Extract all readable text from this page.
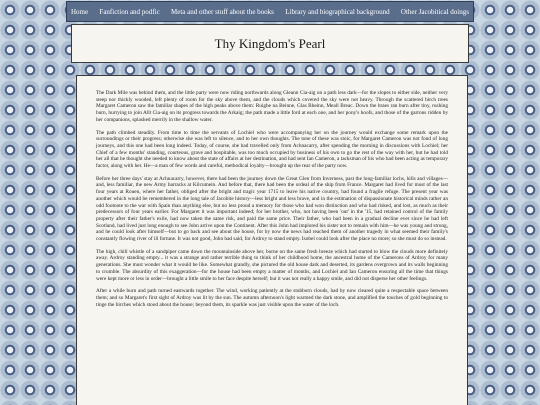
Home Fanfiction and podfic Meta and other stuff about the books Library and biographical background Other Jacobitical doings
Thy Kingdom's Pearl

The Dark Mile was behind them, and the little party were now riding northwards along Gleann Cia-aig on a path less dark—for the slopes to either side, neither very steep nor thickly wooded, left plenty of room for the sky above them, and the clouds which covered the sky were not heavy. Through the scattered birch trees Margaret Cameron saw the familiar shapes of the high peaks above them: Ruighe na Beinne, Glas Bheinn, Meall Breac. Down the braes ran burn after tiny, rushing burn, hurrying to join Allt Cia-aig on its progress towards the Arkaig; the path made a little ford at each one, and her pony's hoofs, and those of the garrons ridden by her companions, splashed merrily in the shallow water.

The path climbed steadily. From time to time the servants of Lochiel who were accompanying her on the journey would exchange some remark upon the surroundings or their progress; otherwise she was left to silence, and to her own thoughts. The tone of these was stoic, for Margaret Cameron was not fond of long journeys, and this one had been long indeed. Today, of course, she had travelled only from Achnacarry, after spending the morning in discussions with Lochiel; her Chief of a few months' standing, courteous, grave and hospitable, was too much occupied by business of his own to go the rest of the way with her, but he had told her all that he thought she needed to know about the state of affairs at her destination, and had sent Ian Cameron, a tacksman of his who had been acting as temporary factor, along with her. He—a man of few words and careful, methodical loyalty—brought up the rear of the party now.

Before her three days' stay at Achnacarry, however, there had been the journey down the Great Glen from Inverness, past the long-familiar lochs, hills and villages—and, less familiar, the new Army barracks at Kilcumein. And before that, there had been the ordeal of the ship from France. Margaret had lived for most of the last four years at Rouen, where her father, obliged after the bright and tragic year 1715 to leave his native country, had found a fragile refuge. The present year was another which would be remembered in the long tale of Jacobite history—less bright and less brave, and in the estimation of dispassionate historical minds rather an odd footnote to the war with Spain than anything else, but no less proud a memory for those who had won distinction and who had risked, and lost, as much as their predecessors of four years earlier. For Margaret it was important indeed; for her brother, who, not having been 'out' in the '15, had retained control of the family property after their father's exile, had now taken the same risk, and paid the same price. Their father, who had been in a gradual decline ever since he had left Scotland, had lived just long enough to see John arrive upon the Continent. After this John had implored his sister not to remain with him—he was young and strong, and he could look after himself—but to go back and see about the house, for by now the news had reached them of another tragedy in what seemed their family's constantly flowing river of ill fortune. It was not good, John had said, for Ardroy to stand empty. Isobel could look after the place no more; so she must do so instead.

The high, chill whistle of a sandpiper came down the mountainside above her, borne on the same fresh breeze which had started to blow the clouds more definitely away. Ardroy standing empty... it was a strange and rather terrible thing to think of her childhood home, the ancestral home of the Camerons of Ardroy for many generations. She must wonder what it would be like. Somewhat grandly, she pictured the old house dark and deserted, its gardens overgrown and its walls beginning to crumble. The absurdity of this exaggeration—for the house had been empty a matter of months, and Lochiel and Ian Cameron ensuring all the time that things were kept more or less in order—brought a little smile to her face despite herself; but it was not really a happy smile, and did not disperse her other feelings.

After a while burn and path turned eastwards together. The wind, working patiently at the stubborn clouds, had by now cleared quite a respectable space between them; and so Margaret's first sight of Ardroy was lit by the sun. The autumn afternoon's light warmed the dark stone, and amplified the touches of gold beginning to tinge the birches which stood about the house; beyond them, its sparkle was just visible upon the water of the loch.
